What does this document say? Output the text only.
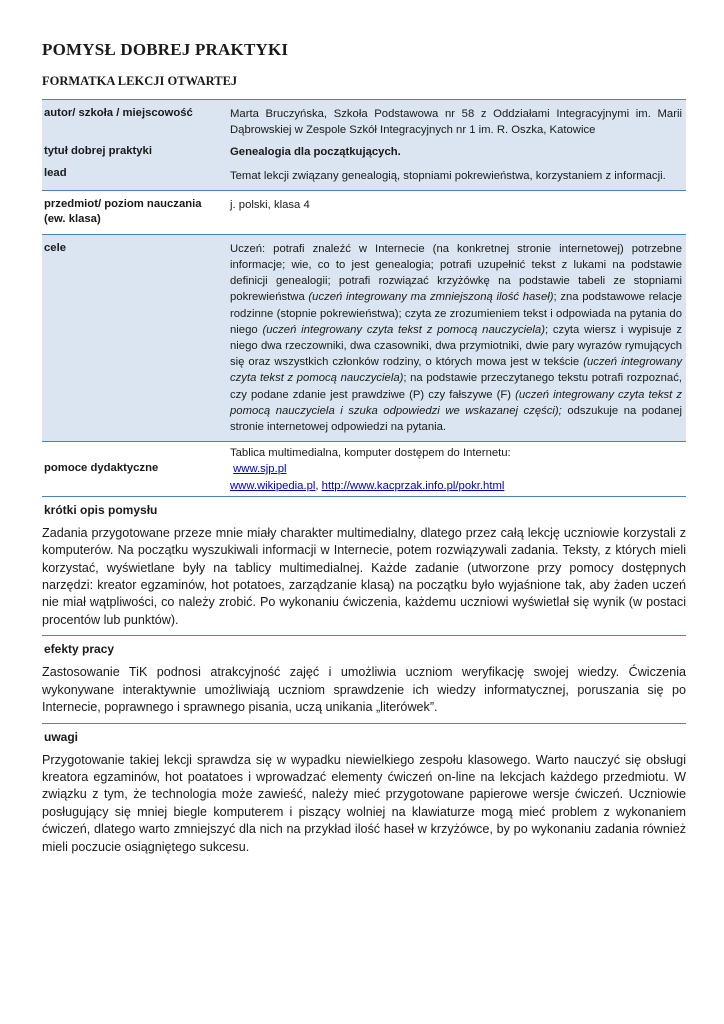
POMYSŁ DOBREJ PRAKTYKI
FORMATKA LEKCJI OTWARTEJ
autor/ szkoła / miejscowość
tytuł dobrej praktyki
lead
Marta Bruczyńska, Szkoła Podstawowa nr 58 z Oddziałami Integracyjnymi im. Marii Dąbrowskiej w Zespole Szkół Integracyjnych nr 1 im. R. Oszka, Katowice
Genealogia dla początkujących.
Temat lekcji związany genealogią, stopniami pokrewieństwa, korzystaniem z informacji.
przedmiot/ poziom nauczania (ew. klasa)
j. polski, klasa 4
cele	Uczeń: potrafi znaleźć w Internecie (na konkretnej stronie internetowej) potrzebne informacje; wie, co to jest genealogia; potrafi uzupełnić tekst z lukami na podstawie definicji genealogii; potrafi rozwiązać krzyżówkę na podstawie tabeli ze stopniami pokrewieństwa (uczeń integrowany ma zmniejszoną ilość haseł); zna podstawowe relacje rodzinne (stopnie pokrewieństwa); czyta ze zrozumieniem tekst i odpowiada na pytania do niego (uczeń integrowany czyta tekst z pomocą nauczyciela); czyta wiersz i wypisuje z niego dwa rzeczowniki, dwa czasowniki, dwa przymiotniki, dwie pary wyrazów rymujących się oraz wszystkich członków rodziny, o których mowa jest w tekście (uczeń integrowany czyta tekst z pomocą nauczyciela); na podstawie przeczytanego tekstu potrafi rozpoznać, czy podane zdanie jest prawdziwe (P) czy fałszywe (F) (uczeń integrowany czyta tekst z pomocą nauczyciela i szuka odpowiedzi we wskazanej części); odszukuje na podanej stronie internetowej odpowiedzi na pytania.
pomoce dydaktyczne
Tablica multimedialna, komputer dostępem do Internetu:
www.sjp.pl
www.wikipedia.pl, http://www.kacprzak.info.pl/pokr.html
krótki opis pomysłu
Zadania przygotowane przeze mnie miały charakter multimedialny, dlatego przez całą lekcję uczniowie korzystali z komputerów. Na początku wyszukiwali informacji w Internecie, potem rozwiązywali zadania. Teksty, z których mieli korzystać, wyświetlane były na tablicy multimedialnej. Każde zadanie (utworzone przy pomocy dostępnych narzędzi: kreator egzaminów, hot potatoes, zarządzanie klasą) na początku było wyjaśnione tak, aby żaden uczeń nie miał wątpliwości, co należy zrobić. Po wykonaniu ćwiczenia, każdemu uczniowi wyświetlał się wynik (w postaci procentów lub punktów).
efekty pracy
Zastosowanie TiK podnosi atrakcyjność zajęć i umożliwia uczniom weryfikację swojej wiedzy. Ćwiczenia wykonywane interaktywnie umożliwiają uczniom sprawdzenie ich wiedzy informatycznej, poruszania się po Internecie, poprawnego i sprawnego pisania, uczą unikania „literówek”.
uwagi
Przygotowanie takiej lekcji sprawdza się w wypadku niewielkiego zespołu klasowego. Warto nauczyć się obsługi kreatora egzaminów, hot poatatoes i wprowadzać elementy ćwiczeń on-line na lekcjach każdego przedmiotu. W związku z tym, że technologia może zawieść, należy mieć przygotowane papierowe wersje ćwiczeń. Uczniowie posługujący się mniej biegle komputerem i piszący wolniej na klawiaturze mogą mieć problem z wykonaniem ćwiczeń, dlatego warto zmniejszyć dla nich na przykład ilość haseł w krzyżówce, by po wykonaniu zadania również mieli poczucie osiągniętego sukcesu.
